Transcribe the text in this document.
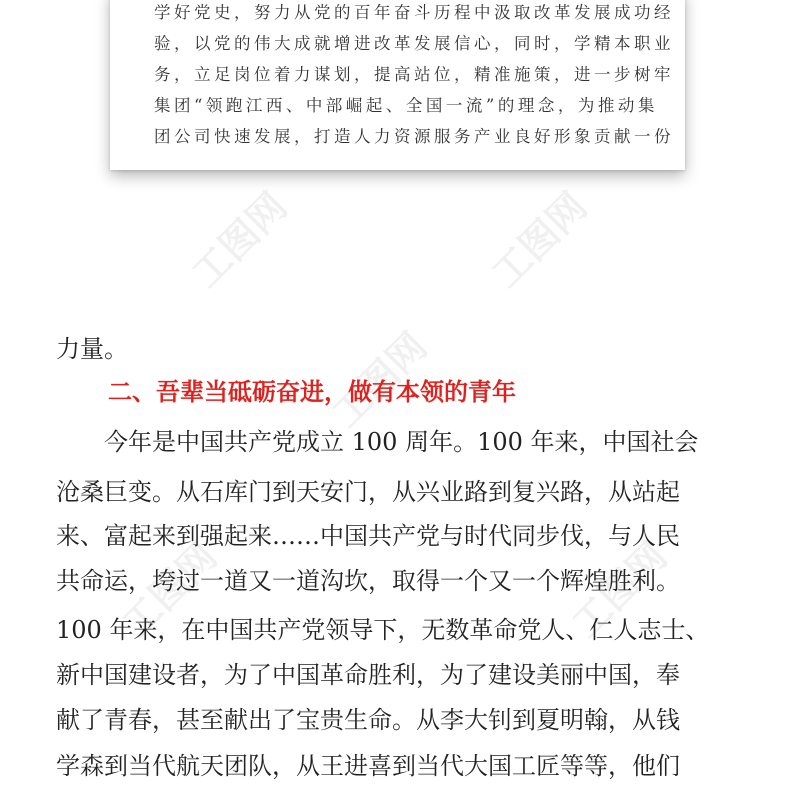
工图网	工图网
工图网
工图网	工图网
学好党史，努力从党的百年奋斗历程中汲取改革发展成功经
验，以党的伟大成就增进改革发展信心，同时，学精本职业
务，立足岗位着力谋划，提高站位，精准施策，进一步树牢
集团“领跑江西、中部崛起、全国一流”的理念，为推动集
团公司快速发展，打造人力资源服务产业良好形象贡献一份
力量。
二、吾辈当砥砺奋进，做有本领的青年
　　今年是中国共产党成立 100 周年。100 年来，中国社会
沧桑巨变。从石库门到天安门，从兴业路到复兴路，从站起
来、富起来到强起来……中国共产党与时代同步伐，与人民
共命运，垮过一道又一道沟坎，取得一个又一个辉煌胜利。
100 年来，在中国共产党领导下，无数革命党人、仁人志士、
新中国建设者，为了中国革命胜利，为了建设美丽中国，奉
献了青春，甚至献出了宝贵生命。从李大钊到夏明翰，从钱
学森到当代航天团队，从王进喜到当代大国工匠等等，他们
